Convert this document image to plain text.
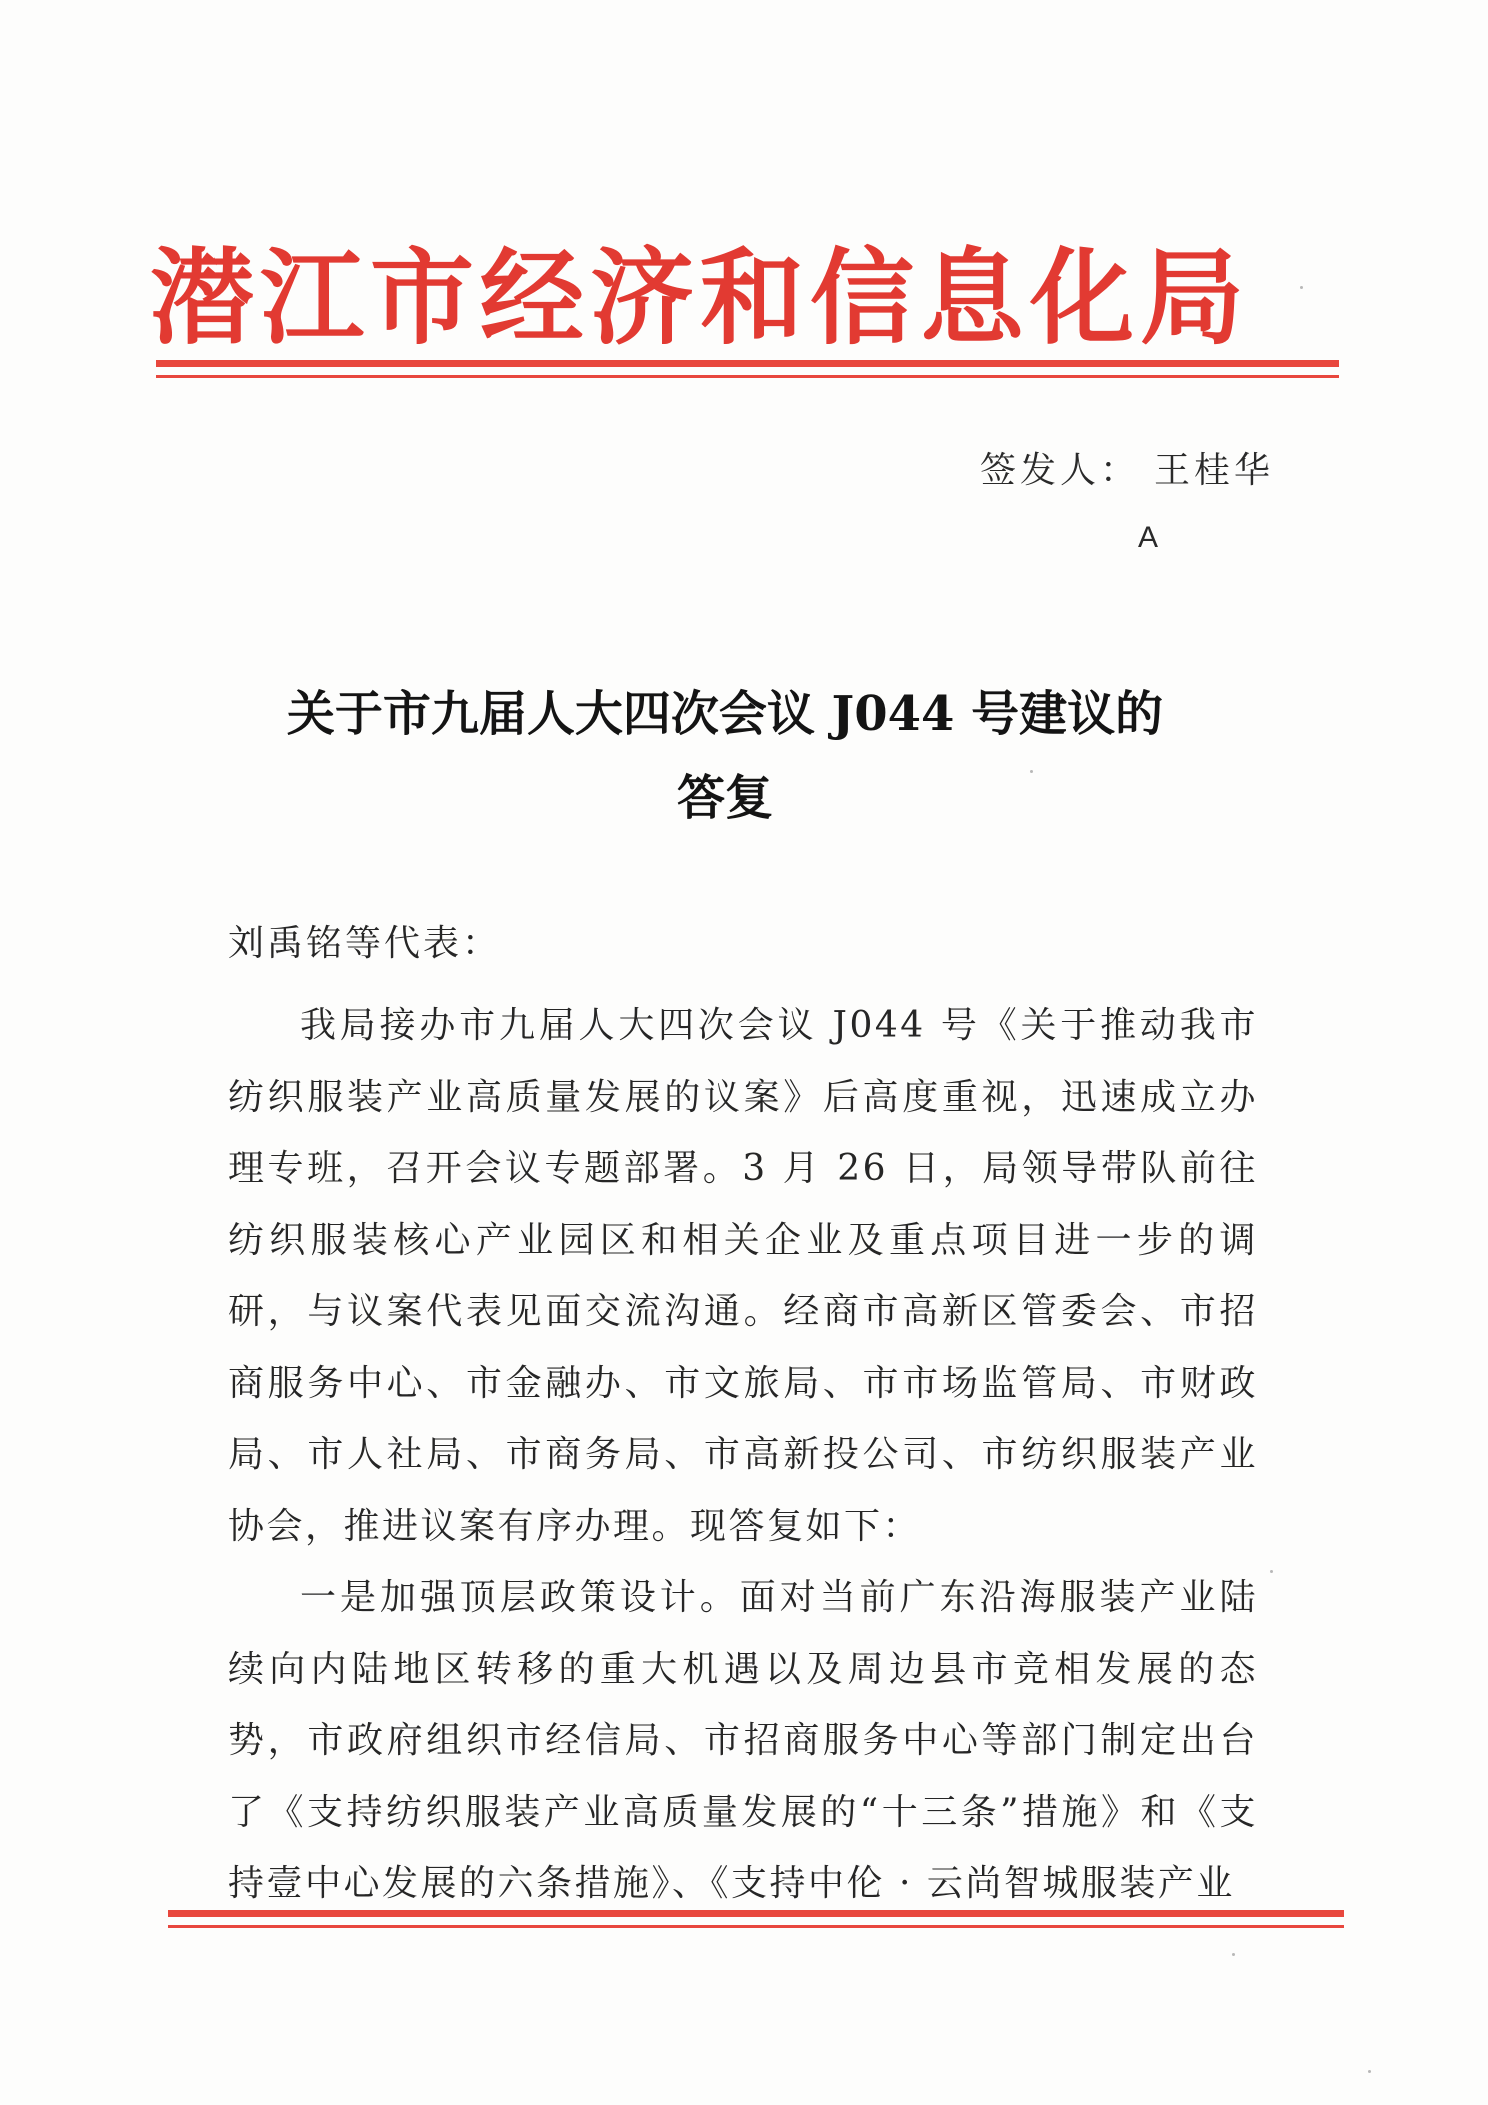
潜江市经济和信息化局
签发人： 王桂华
A
关于市九届人大四次会议 J044 号建议的
答复
刘禹铭等代表：

我局接办市九届人大四次会议 J044 号《关于推动我市纺织服装产业高质量发展的议案》后高度重视，迅速成立办理专班，召开会议专题部署。3 月 26 日，局领导带队前往纺织服装核心产业园区和相关企业及重点项目进一步的调研，与议案代表见面交流沟通。经商市高新区管委会、市招商服务中心、市金融办、市文旅局、市市场监管局、市财政局、市人社局、市商务局、市高新投公司、市纺织服装产业协会，推进议案有序办理。现答复如下：

一是加强顶层政策设计。面对当前广东沿海服装产业陆续向内陆地区转移的重大机遇以及周边县市竞相发展的态势，市政府组织市经信局、市招商服务中心等部门制定出台了《支持纺织服装产业高质量发展的“十三条”措施》和《支持壹中心发展的六条措施》、《支持中伦 · 云尚智城服装产业
